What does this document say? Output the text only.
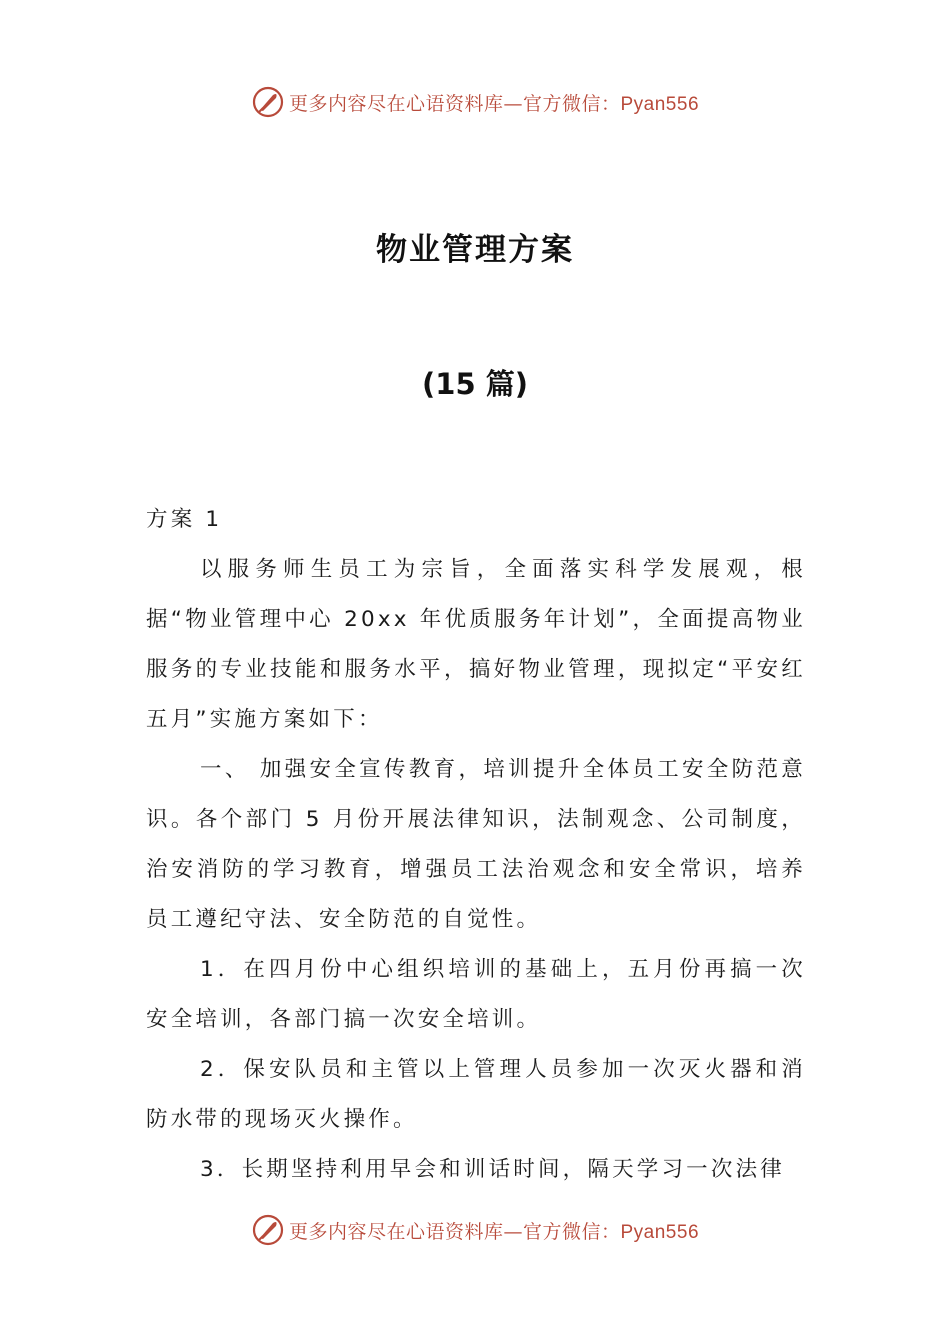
更多内容尽在心语资料库—官方微信：Pyan556
物业管理方案
(15 篇)

方案 1

以服务师生员工为宗旨，全面落实科学发展观，根据“物业管理中心 20xx 年优质服务年计划”，全面提高物业服务的专业技能和服务水平，搞好物业管理，现拟定“平安红五月”实施方案如下：

一、 加强安全宣传教育，培训提升全体员工安全防范意识。各个部门 5 月份开展法律知识，法制观念、公司制度，治安消防的学习教育，增强员工法治观念和安全常识，培养员工遵纪守法、安全防范的自觉性。

1．在四月份中心组织培训的基础上，五月份再搞一次安全培训，各部门搞一次安全培训。

2．保安队员和主管以上管理人员参加一次灭火器和消防水带的现场灭火操作。

3．长期坚持利用早会和训话时间，隔天学习一次法律

更多内容尽在心语资料库—官方微信：Pyan556
